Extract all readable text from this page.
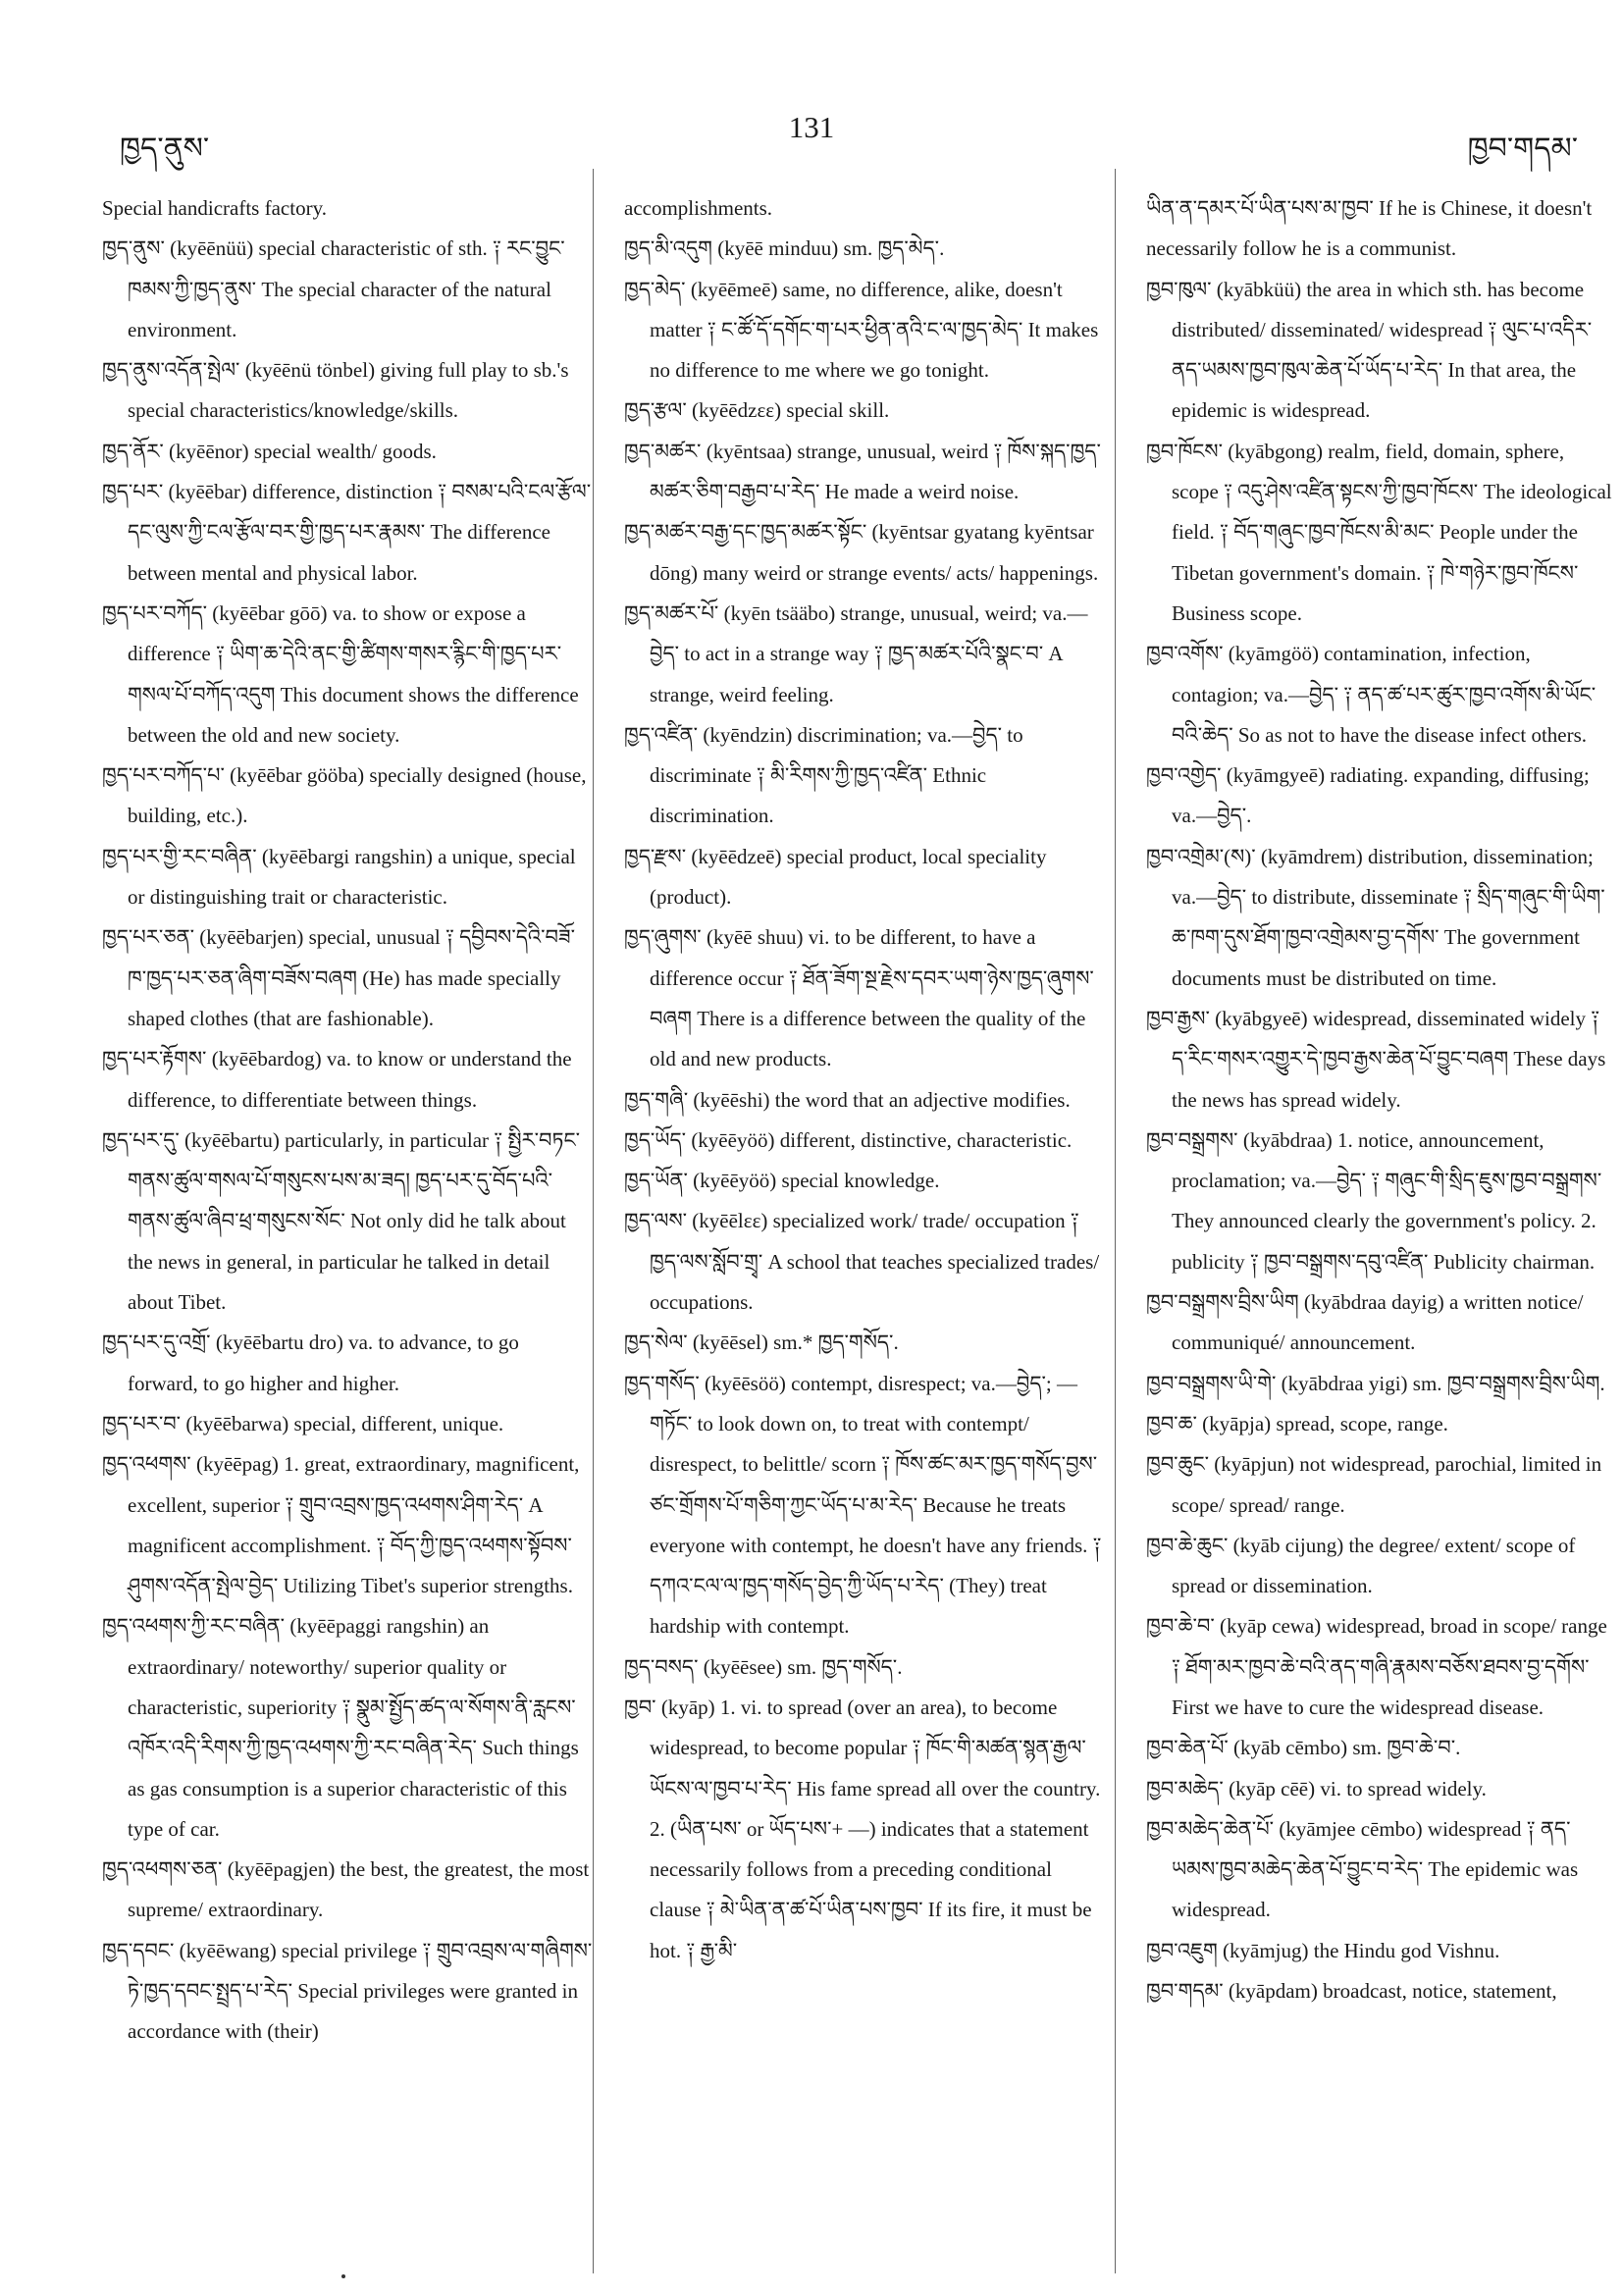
ཁྱད་ནུས་
131
ཁྱབ་གདམ་

Special handicrafts factory.

ཁྱད་ནུས་ (kyēēnüü) special characteristic of sth. ༑ རང་བྱུང་ཁམས་ཀྱི་ཁྱད་ནུས་ The special character of the natural environment.

ཁྱད་ནུས་འདོན་སྤེལ་ (kyēēnü tönbel) giving full play to sb.'s special characteristics/knowledge/skills.

ཁྱད་ནོར་ (kyēēnor) special wealth/ goods.

ཁྱད་པར་ (kyēēbar) difference, distinction ༑ བསམ་པའི་ངལ་རྩོལ་དང་ལུས་ཀྱི་ངལ་རྩོལ་བར་གྱི་ཁྱད་པར་རྣམས་ The difference between mental and physical labor.

ཁྱད་པར་བཀོད་ (kyēēbar gōō) va. to show or expose a difference ༑ ཡིག་ཆ་དེའི་ནང་གྱི་ཚིགས་གསར་རྙིང་གི་ཁྱད་པར་གསལ་པོ་བཀོད་འདུག This document shows the difference between the old and new society.

ཁྱད་པར་བཀོད་པ་ (kyēēbar gööba) specially designed (house, building, etc.).

ཁྱད་པར་གྱི་རང་བཞིན་ (kyēēbargi rangshin) a unique, special or distinguishing trait or characteristic.

ཁྱད་པར་ཅན་ (kyēēbarjen) special, unusual ༑ དབྱིབས་དེའི་བཟོ་ཁ་ཁྱད་པར་ཅན་ཞིག་བཟོས་བཞག (He) has made specially shaped clothes (that are fashionable).

ཁྱད་པར་རྟོགས་ (kyēēbardog) va. to know or understand the difference, to differentiate between things.

ཁྱད་པར་དུ་ (kyēēbartu) particularly, in particular ༑ སྤྱིར་བཏང་གནས་ཚུལ་གསལ་པོ་གསུངས་པས་མ་ཟད། ཁྱད་པར་དུ་བོད་པའི་གནས་ཚུལ་ཞིབ་ཕྲ་གསུངས་སོང་ Not only did he talk about the news in general, in particular he talked in detail about Tibet.

ཁྱད་པར་དུ་འགྲོ་ (kyēēbartu dro) va. to advance, to go forward, to go higher and higher.

ཁྱད་པར་བ་ (kyēēbarwa) special, different, unique.

ཁྱད་འཕགས་ (kyēēpag) 1. great, extraordinary, magnificent, excellent, superior ༑ གྲུབ་འབྲས་ཁྱད་འཕགས་ཤིག་རེད་ A magnificent accomplishment. ༑ བོད་ཀྱི་ཁྱད་འཕགས་སྟོབས་ཤུགས་འདོན་སྤེལ་བྱེད་ Utilizing Tibet's superior strengths.

ཁྱད་འཕགས་ཀྱི་རང་བཞིན་ (kyēēpaggi rangshin) an extraordinary/ noteworthy/ superior quality or characteristic, superiority ༑ སྣུམ་སྤྱོད་ཚད་ལ་སོགས་ནི་རླངས་འཁོར་འདི་རིགས་ཀྱི་ཁྱད་འཕགས་ཀྱི་རང་བཞིན་རེད་ Such things as gas consumption is a superior characteristic of this type of car.

ཁྱད་འཕགས་ཅན་ (kyēēpagjen) the best, the greatest, the most supreme/ extraordinary.

ཁྱད་དབང་ (kyēēwang) special privilege ༑ གྲུབ་འབྲས་ལ་གཞིགས་ཏེ་ཁྱད་དབང་སྤྲད་པ་རེད་ Special privileges were granted in accordance with (their)

accomplishments.

ཁྱད་མི་འདུག (kyēē minduu) sm. ཁྱད་མེད་.

ཁྱད་མེད་ (kyēēmeē) same, no difference, alike, doesn't matter ༑ ང་ཚོ་དོ་དགོང་ག་པར་ཕྱིན་ནའི་ང་ལ་ཁྱད་མེད་ It makes no difference to me where we go tonight.

ཁྱད་རྩལ་ (kyēēdzɛɛ) special skill.

ཁྱད་མཚར་ (kyēntsaa) strange, unusual, weird ༑ ཁོས་སྐད་ཁྱད་མཚར་ཅིག་བརྒྱབ་པ་རེད་ He made a weird noise.

ཁྱད་མཚར་བརྒྱ་དང་ཁྱད་མཚར་སྟོང་ (kyēntsar gyatang kyēntsar dōng) many weird or strange events/ acts/ happenings.

ཁྱད་མཚར་པོ་ (kyēn tsääbo) strange, unusual, weird; va.—བྱེད་ to act in a strange way ༑ ཁྱད་མཚར་པོའི་སྣང་བ་ A strange, weird feeling.

ཁྱད་འཛིན་ (kyēndzin) discrimination; va.—བྱེད་ to discriminate ༑ མི་རིགས་ཀྱི་ཁྱད་འཛིན་ Ethnic discrimination.

ཁྱད་རྫས་ (kyēēdzeē) special product, local speciality (product).

ཁྱད་ཞུགས་ (kyēē shuu) vi. to be different, to have a difference occur ༑ ཐོན་ཟོག་སྔ་རྗེས་དབར་ཡག་ཉེས་ཁྱད་ཞུགས་བཞག There is a difference between the quality of the old and new products.

ཁྱད་གཞི་ (kyēēshi) the word that an adjective modifies.

ཁྱད་ཡོད་ (kyēēyöö) different, distinctive, characteristic.

ཁྱད་ཡོན་ (kyēēyöö) special knowledge.

ཁྱད་ལས་ (kyēēlɛɛ) specialized work/ trade/ occupation ༑ ཁྱད་ལས་སློབ་གྲྭ་ A school that teaches specialized trades/ occupations.

ཁྱད་སེལ་ (kyēēsel) sm.* ཁྱད་གསོད་.

ཁྱད་གསོད་ (kyēēsöö) contempt, disrespect; va.—བྱེད་; — གཏོང་ to look down on, to treat with contempt/ disrespect, to belittle/ scorn ༑ ཁོས་ཚང་མར་ཁྱད་གསོད་བྱས་ཙང་གྲོགས་པོ་གཅིག་ཀྱང་ཡོད་པ་མ་རེད་ Because he treats everyone with contempt, he doesn't have any friends. ༑ དཀའ་ངལ་ལ་ཁྱད་གསོད་བྱེད་ཀྱི་ཡོད་པ་རེད་ (They) treat hardship with contempt.

ཁྱད་བསད་ (kyēēsee) sm. ཁྱད་གསོད་.

ཁྱབ་ (kyāp) 1. vi. to spread (over an area), to become widespread, to become popular ༑ ཁོང་གི་མཚན་སྙན་རྒྱལ་ཡོངས་ལ་ཁྱབ་པ་རེད་ His fame spread all over the country. 2. (ཡིན་པས་ or ཡོད་པས་+ —) indicates that a statement necessarily follows from a preceding conditional clause ༑ མེ་ཡིན་ན་ཚ་པོ་ཡིན་པས་ཁྱབ་ If its fire, it must be hot. ༑ རྒྱ་མི་

ཡིན་ན་དམར་པོ་ཡིན་པས་མ་ཁྱབ་ If he is Chinese, it doesn't necessarily follow he is a communist.

ཁྱབ་ཁུལ་ (kyābküü) the area in which sth. has become distributed/ disseminated/ widespread ༑ ལུང་པ་འདིར་ནད་ཡམས་ཁྱབ་ཁུལ་ཆེན་པོ་ཡོད་པ་རེད་ In that area, the epidemic is widespread.

ཁྱབ་ཁོངས་ (kyābgong) realm, field, domain, sphere, scope ༑ འདུ་ཤེས་འཛིན་སྟངས་ཀྱི་ཁྱབ་ཁོངས་ The ideological field. ༑ བོད་གཞུང་ཁྱབ་ཁོངས་མི་མང་ People under the Tibetan government's domain. ༑ ཁེ་གཉེར་ཁྱབ་ཁོངས་ Business scope.

ཁྱབ་འགོས་ (kyāmgöö) contamination, infection, contagion; va.—བྱེད་ ༑ ནད་ཚ་པར་ཚུར་ཁྱབ་འགོས་མི་ཡོང་བའི་ཆེད་ So as not to have the disease infect others.

ཁྱབ་འགྱེད་ (kyāmgyeē) radiating. expanding, diffusing; va.—བྱེད་.

ཁྱབ་འགྲེམ་(ས)་ (kyāmdrem) distribution, dissemination; va.—བྱེད་ to distribute, disseminate ༑ སྲིད་གཞུང་གི་ཡིག་ཆ་ཁག་དུས་ཐོག་ཁྱབ་འགྲེམས་བྱ་དགོས་ The government documents must be distributed on time.

ཁྱབ་རྒྱས་ (kyābgyeē) widespread, disseminated widely ༑ ད་རིང་གསར་འགྱུར་དེ་ཁྱབ་རྒྱས་ཆེན་པོ་བྱུང་བཞག These days the news has spread widely.

ཁྱབ་བསྒྲགས་ (kyābdraa) 1. notice, announcement, proclamation; va.—བྱེད་ ༑ གཞུང་གི་སྲིད་ཇུས་ཁྱབ་བསྒྲགས་ They announced clearly the government's policy. 2. publicity ༑ ཁྱབ་བསྒྲགས་དབུ་འཛིན་ Publicity chairman.

ཁྱབ་བསྒྲགས་བྲིས་ཡིག (kyābdraa dayig) a written notice/ communiqué/ announcement.

ཁྱབ་བསྒྲགས་ཡི་གེ་ (kyābdraa yigi) sm. ཁྱབ་བསྒྲགས་བྲིས་ཡིག.

ཁྱབ་ཆ་ (kyāpja) spread, scope, range.

ཁྱབ་ཆུང་ (kyāpjun) not widespread, parochial, limited in scope/ spread/ range.

ཁྱབ་ཆེ་ཆུང་ (kyāb cijung) the degree/ extent/ scope of spread or dissemination.

ཁྱབ་ཆེ་བ་ (kyāp cewa) widespread, broad in scope/ range ༑ ཐོག་མར་ཁྱབ་ཆེ་བའི་ནད་གཞི་རྣམས་བཅོས་ཐབས་བྱ་དགོས་ First we have to cure the widespread disease.

ཁྱབ་ཆེན་པོ་ (kyāb cēmbo) sm. ཁྱབ་ཆེ་བ་.

ཁྱབ་མཆེད་ (kyāp cēē) vi. to spread widely.

ཁྱབ་མཆེད་ཆེན་པོ་ (kyāmjee cēmbo) widespread ༑ ནད་ཡམས་ཁྱབ་མཆེད་ཆེན་པོ་བྱུང་བ་རེད་ The epidemic was widespread.

ཁྱབ་འཇུག (kyāmjug) the Hindu god Vishnu.

ཁྱབ་གདམ་ (kyāpdam) broadcast, notice, statement,
